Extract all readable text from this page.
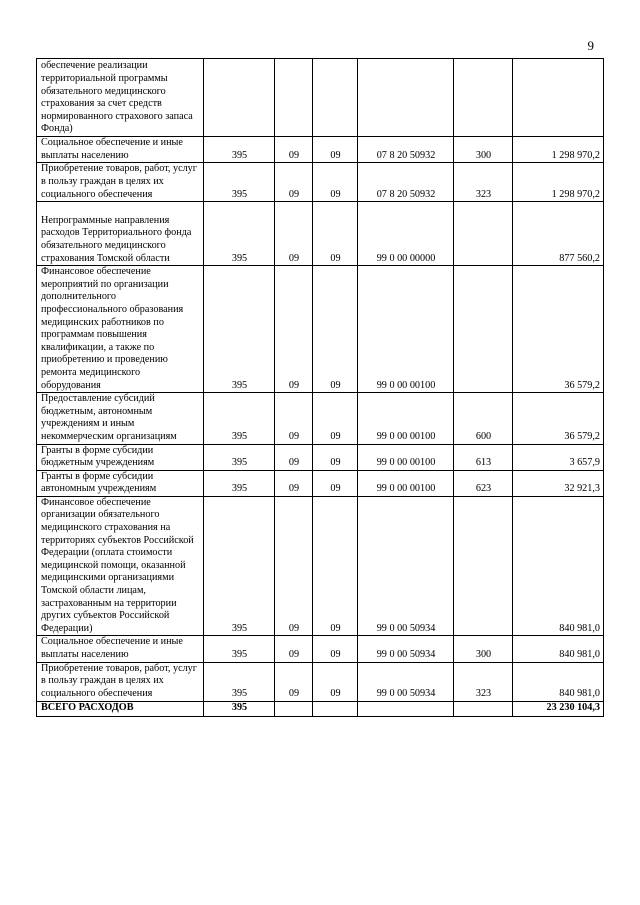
9
обеспечение реализации территориальной программы обязательного медицинского страхования за счет средств нормированного страхового запаса Фонда)						
Социальное обеспечение и иные выплаты населению	395	09	09	07 8 20 50932	300	1 298 970,2
Приобретение товаров, работ, услуг в пользу граждан в целях их социального обеспечения	395	09	09	07 8 20 50932	323	1 298 970,2
Непрограммные направления расходов Территориального фонда обязательного медицинского страхования Томской области	395	09	09	99 0 00 00000		877 560,2
Финансовое обеспечение мероприятий по организации дополнительного профессионального образования медицинских работников по программам повышения квалификации, а также по приобретению и проведению ремонта медицинского оборудования	395	09	09	99 0 00 00100		36 579,2
Предоставление субсидий бюджетным, автономным учреждениям и иным некоммерческим организациям	395	09	09	99 0 00 00100	600	36 579,2
Гранты в форме субсидии бюджетным учреждениям	395	09	09	99 0 00 00100	613	3 657,9
Гранты в форме субсидии автономным учреждениям	395	09	09	99 0 00 00100	623	32 921,3
Финансовое обеспечение организации обязательного медицинского страхования на территориях субъектов Российской Федерации (оплата стоимости медицинской помощи, оказанной медицинскими организациями Томской области лицам, застрахованным на территории других субъектов Российской Федерации)	395	09	09	99 0 00 50934		840 981,0
Социальное обеспечение и иные выплаты населению	395	09	09	99 0 00 50934	300	840 981,0
Приобретение товаров, работ, услуг в пользу граждан в целях их социального обеспечения	395	09	09	99 0 00 50934	323	840 981,0
ВСЕГО РАСХОДОВ	395					23 230 104,3
